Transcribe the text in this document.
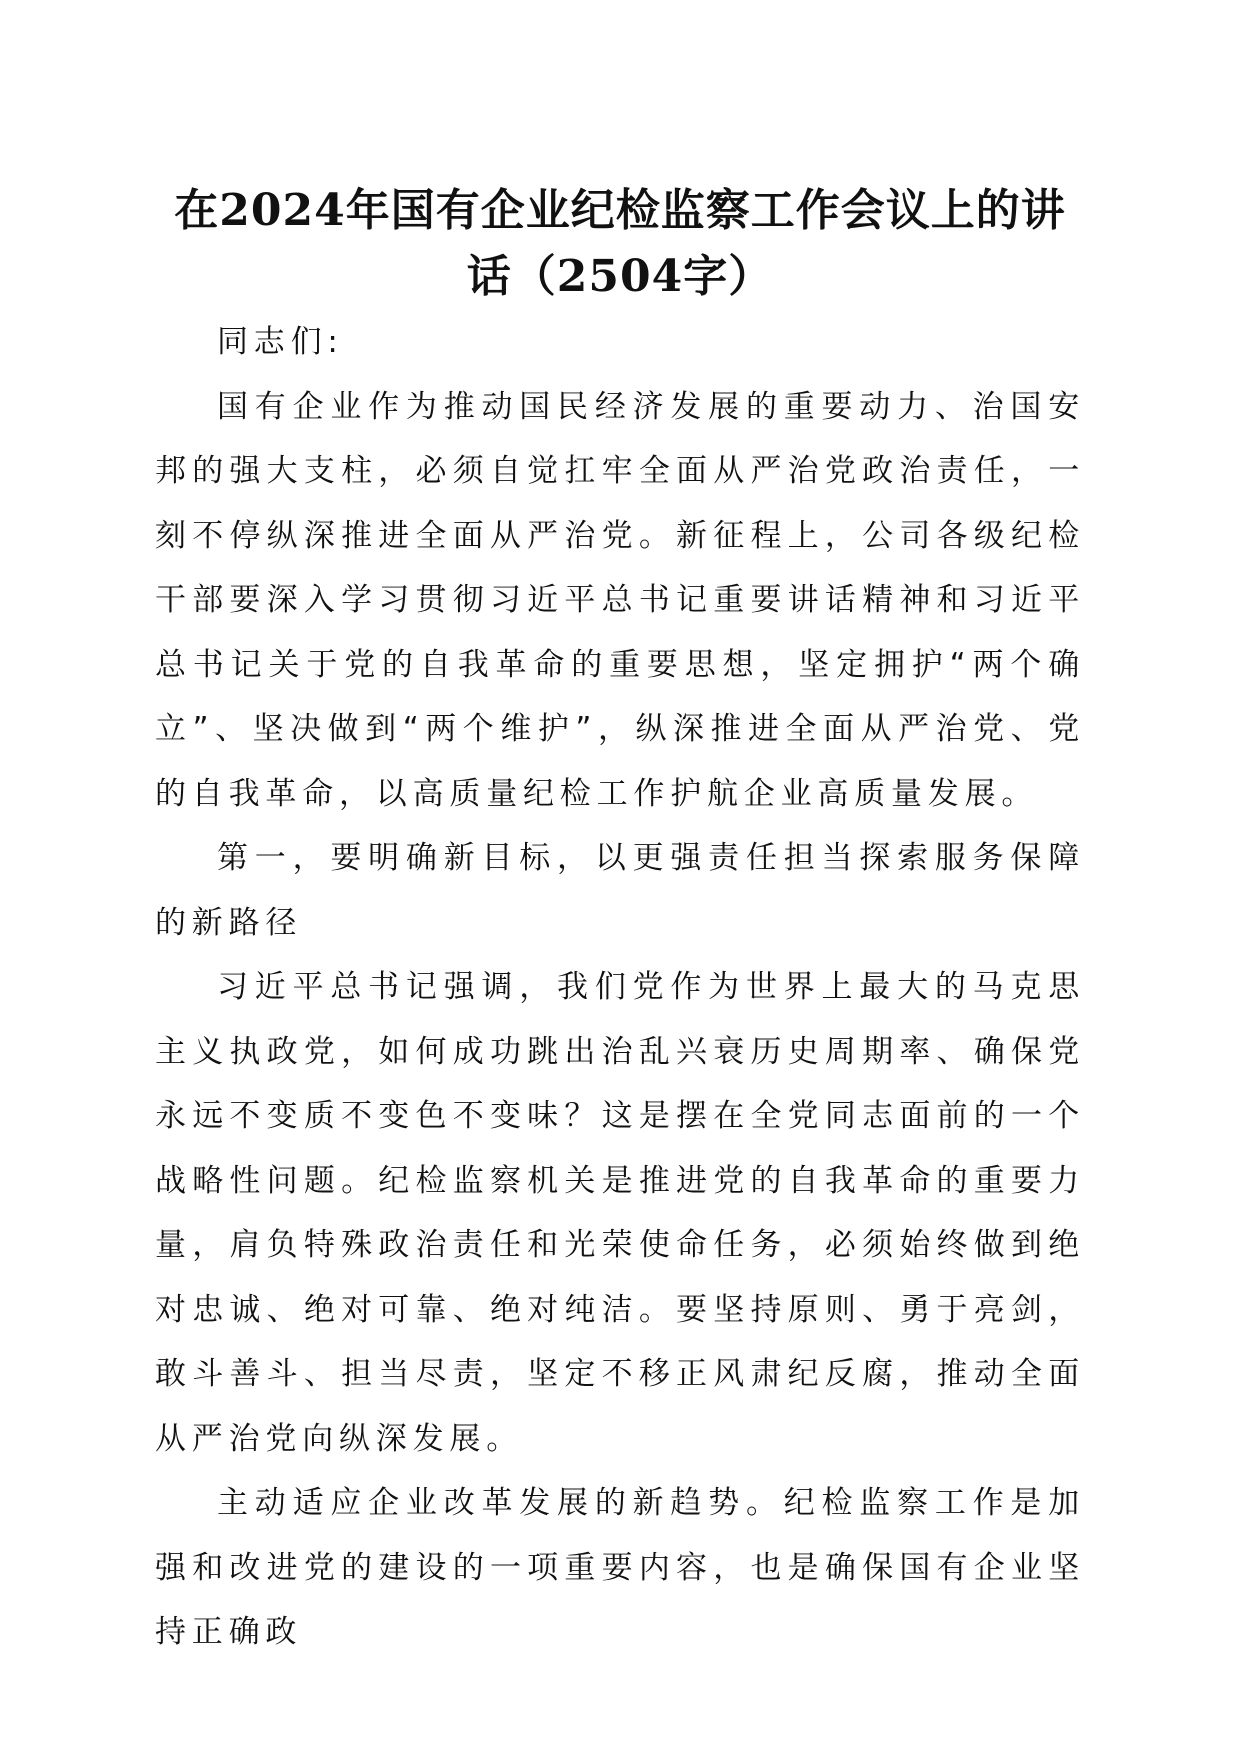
在2024年国有企业纪检监察工作会议上的讲
话（2504字）

同志们:

国有企业作为推动国民经济发展的重要动力、治国安邦的强大支柱，必须自觉扛牢全面从严治党政治责任，一刻不停纵深推进全面从严治党。新征程上，公司各级纪检干部要深入学习贯彻习近平总书记重要讲话精神和习近平总书记关于党的自我革命的重要思想，坚定拥护“两个确立”、坚决做到“两个维护”，纵深推进全面从严治党、党的自我革命，以高质量纪检工作护航企业高质量发展。

第一，要明确新目标，以更强责任担当探索服务保障的新路径

习近平总书记强调，我们党作为世界上最大的马克思主义执政党，如何成功跳出治乱兴衰历史周期率、确保党永远不变质不变色不变味？这是摆在全党同志面前的一个战略性问题。纪检监察机关是推进党的自我革命的重要力量，肩负特殊政治责任和光荣使命任务，必须始终做到绝对忠诚、绝对可靠、绝对纯洁。要坚持原则、勇于亮剑，敢斗善斗、担当尽责，坚定不移正风肃纪反腐，推动全面从严治党向纵深发展。

主动适应企业改革发展的新趋势。纪检监察工作是加强和改进党的建设的一项重要内容，也是确保国有企业坚持正确政
